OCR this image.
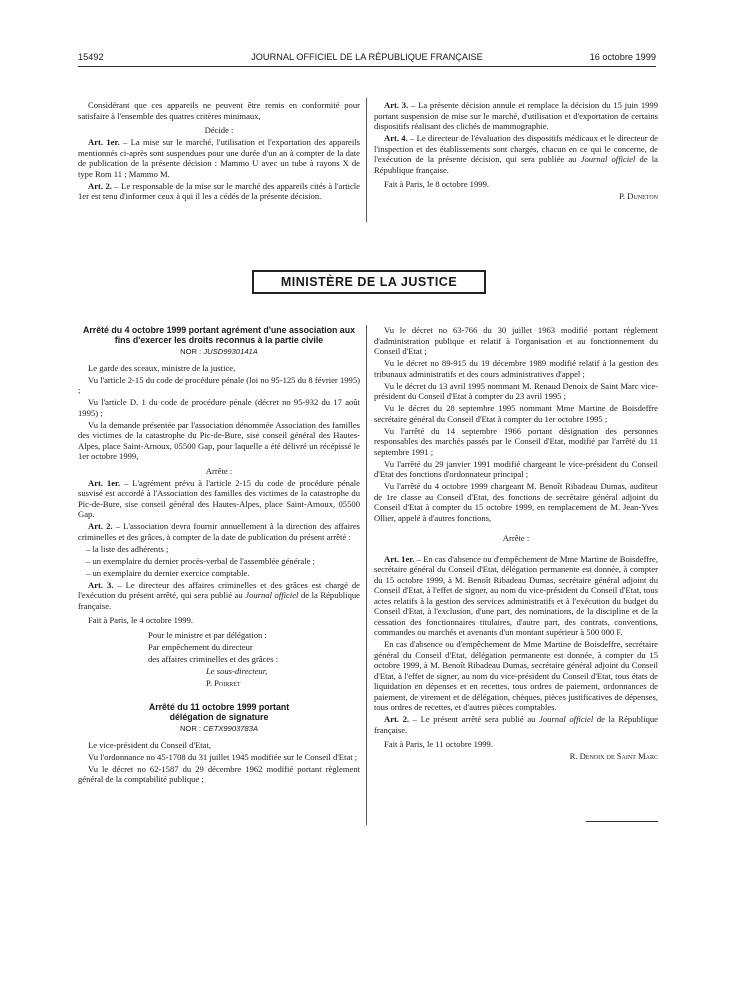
15492	JOURNAL OFFICIEL DE LA RÉPUBLIQUE FRANÇAISE	16 octobre 1999

Considérant que ces appareils ne peuvent être remis en conformité pour satisfaire à l'ensemble des quatres critères minimaux,

Décide :

Art. 1er. – La mise sur le marché, l'utilisation et l'exportation des appareils mentionnés ci-après sont suspendues pour une durée d'un an à compter de la date de publication de la présente décision : Mammo U avec un tube à rayons X de type Rom 11 ; Mammo M.

Art. 2. – Le responsable de la mise sur le marché des appareils cités à l'article 1er est tenu d'informer ceux à qui il les a cédés de la présente décision.

Art. 3. – La présente décision annule et remplace la décision du 15 juin 1999 portant suspension de mise sur le marché, d'utilisation et d'exportation de certains dispositifs réalisant des clichés de mammographie.

Art. 4. – Le directeur de l'évaluation des dispositifs médicaux et le directeur de l'inspection et des établissements sont chargés, chacun en ce qui le concerne, de l'exécution de la présente décision, qui sera publiée au Journal officiel de la République française.

Fait à Paris, le 8 octobre 1999.

P. Duneton

MINISTÈRE DE LA JUSTICE
Arrêté du 4 octobre 1999 portant agrément d'une association aux fins d'exercer les droits reconnus à la partie civile
NOR : JUSD9930141A

Le garde des sceaux, ministre de la justice,

Vu l'article 2-15 du code de procédure pénale (loi no 95-125 du 8 février 1995) ;

Vu l'article D. 1 du code de procédure pénale (décret no 95-932 du 17 août 1995) ;

Vu la demande présentée par l'association dénommée Association des familles des victimes de la catastrophe du Pic-de-Bure, sise conseil général des Hautes-Alpes, place Saint-Arnoux, 05500 Gap, pour laquelle a été délivré un récépissé le 1er octobre 1999,

Arrête :

Art. 1er. – L'agrément prévu à l'article 2-15 du code de procédure pénale susvisé est accordé à l'Association des familles des victimes de la catastrophe du Pic-de-Bure, sise conseil général des Hautes-Alpes, place Saint-Arnoux, 05500 Gap.

Art. 2. – L'association devra fournir annuellement à la direction des affaires criminelles et des grâces, à compter de la date de publication du présent arrêté :

– la liste des adhérents ;

– un exemplaire du dernier procès-verbal de l'assemblée générale ;

– un exemplaire du dernier exercice comptable.

Art. 3. – Le directeur des affaires criminelles et des grâces est chargé de l'exécution du présent arrêté, qui sera publié au Journal officiel de la République française.

Fait à Paris, le 4 octobre 1999.

Pour le ministre et par délégation :

Par empêchement du directeur

des affaires criminelles et des grâces :

Le sous-directeur,

P. Poirret

Arrêté du 11 octobre 1999 portant délégation de signature
NOR : CETX9903783A

Le vice-président du Conseil d'Etat,

Vu l'ordonnance no 45-1708 du 31 juillet 1945 modifiée sur le Conseil d'Etat ;

Vu le décret no 62-1587 du 29 décembre 1962 modifié portant règlement général de la comptabilité publique ;

Vu le décret no 63-766 du 30 juillet 1963 modifié portant règlement d'administration publique et relatif à l'organisation et au fonctionnement du Conseil d'Etat ;

Vu le décret no 89-915 du 19 décembre 1989 modifié relatif à la gestion des tribunaux administratifs et des cours administratives d'appel ;

Vu le décret du 13 avril 1995 nommant M. Renaud Denoix de Saint Marc vice-président du Conseil d'Etat à compter du 23 avril 1995 ;

Vu le décret du 28 septembre 1995 nommant Mme Martine de Boisdeffre secrétaire général du Conseil d'Etat à compter du 1er octobre 1995 ;

Vu l'arrêté du 14 septembre 1966 portant désignation des personnes responsables des marchés passés par le Conseil d'Etat, modifié par l'arrêté du 11 septembre 1991 ;

Vu l'arrêté du 29 janvier 1991 modifié chargeant le vice-président du Conseil d'Etat des fonctions d'ordonnateur principal ;

Vu l'arrêté du 4 octobre 1999 chargeant M. Benoît Ribadeau Dumas, auditeur de 1re classe au Conseil d'Etat, des fonctions de secrétaire général adjoint du Conseil d'Etat à compter du 15 octobre 1999, en remplacement de M. Jean-Yves Ollier, appelé à d'autres fonctions,

Arrête :

Art. 1er. – En cas d'absence ou d'empêchement de Mme Martine de Boisdeffre, secrétaire général du Conseil d'Etat, délégation permanente est donnée, à compter du 15 octobre 1999, à M. Benoît Ribadeau Dumas, secrétaire général adjoint du Conseil d'Etat, à l'effet de signer, au nom du vice-président du Conseil d'Etat, tous actes relatifs à la gestion des services administratifs et à l'exécution du budget du Conseil d'Etat, à l'exclusion, d'une part, des nominations, de la discipline et de la cessation des fonctionnaires titulaires, d'autre part, des contrats, conventions, commandes ou marchés et avenants d'un montant supérieur à 500 000 F.

En cas d'absence ou d'empêchement de Mme Martine de Boisdeffre, secrétaire général du Conseil d'Etat, délégation permanente est donnée, à compter du 15 octobre 1999, à M. Benoît Ribadeau Dumas, secrétaire général adjoint du Conseil d'Etat, à l'effet de signer, au nom du vice-président du Conseil d'Etat, tous états de liquidation en dépenses et en recettes, tous ordres de paiement, ordonnances de paiement, de virement et de délégation, chèques, pièces justificatives de dépenses, tous ordres de recettes, et d'autres pièces comptables.

Art. 2. – Le présent arrêté sera publié au Journal officiel de la République française.

Fait à Paris, le 11 octobre 1999.

R. Denoix de Saint Marc
